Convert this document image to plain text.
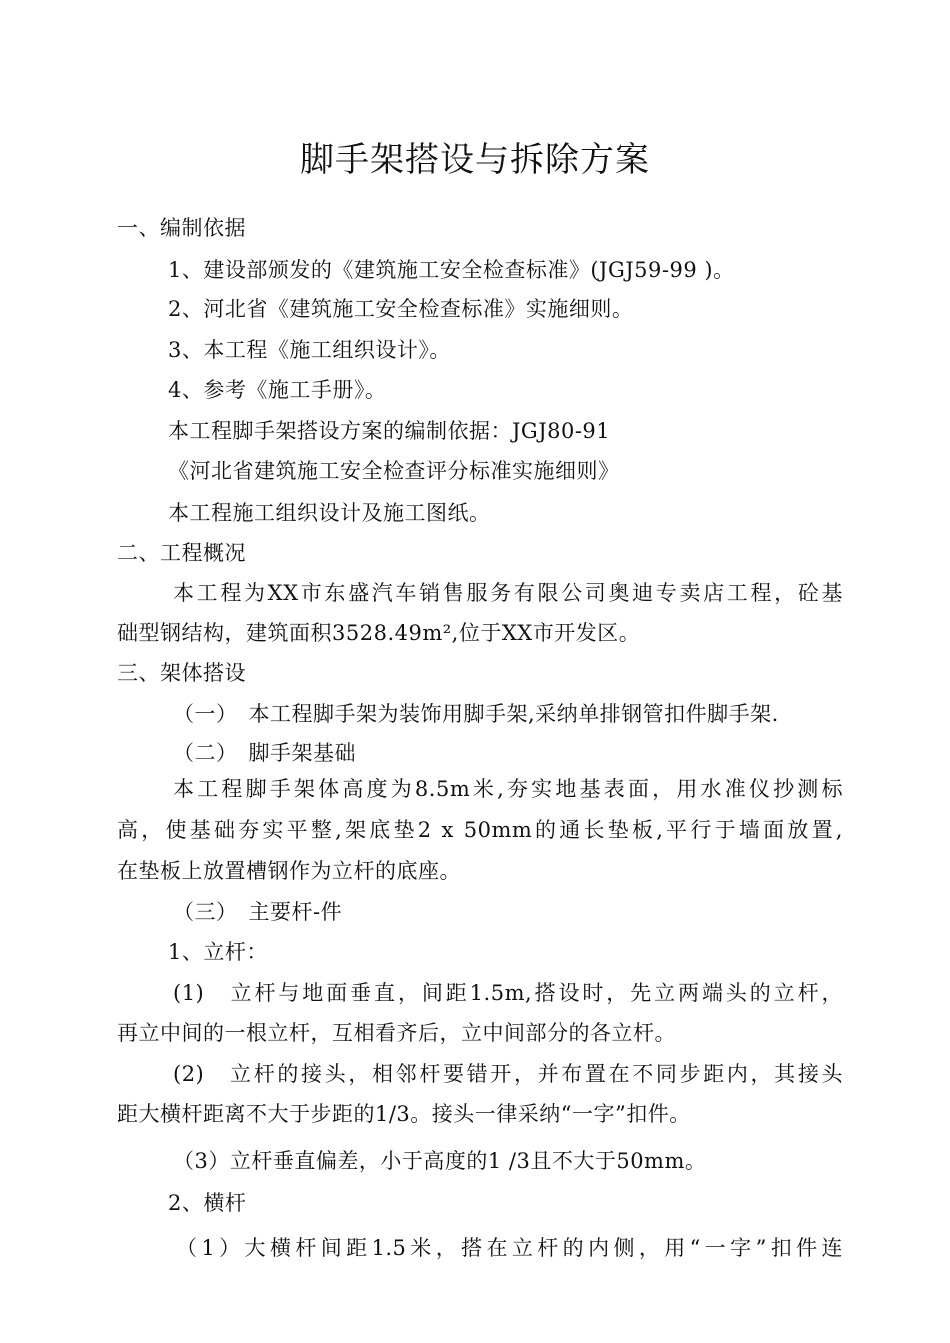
脚手架搭设与拆除方案
一、编制依据
1、建设部颁发的《建筑施工安全检查标准》(JGJ59-99 )。
2、河北省《建筑施工安全检查标准》实施细则。
3、本工程《施工组织设计》。
4、参考《施工手册》。
本工程脚手架搭设方案的编制依据：JGJ80-91
《河北省建筑施工安全检查评分标准实施细则》
本工程施工组织设计及施工图纸。
二、工程概况
本工程为XX市东盛汽车销售服务有限公司奥迪专卖店工程，砼基
础型钢结构，建筑面积3528.49m²,位于XX市开发区。
三、架体搭设
（一）　本工程脚手架为装饰用脚手架,采纳单排钢管扣件脚手架.
（二）　脚手架基础
本工程脚手架体高度为8.5m米,夯实地基表面，用水准仪抄测标
高，使基础夯实平整,架底垫2 x 50mm的通长垫板,平行于墙面放置,
在垫板上放置槽钢作为立杆的底座。
（三）　主要杆-件
1、立杆：
(1)　立杆与地面垂直，间距1.5m,搭设时，先立两端头的立杆，
再立中间的一根立杆，互相看齐后，立中间部分的各立杆。
(2)　立杆的接头，相邻杆要错开，并布置在不同步距内，其接头
距大横杆距离不大于步距的1/3。接头一律采纳“一字”扣件。
（3）立杆垂直偏差，小于高度的1 /3且不大于50mm。
2、横杆
（1）大横杆间距1.5米，搭在立杆的内侧，用“一字”扣件连
